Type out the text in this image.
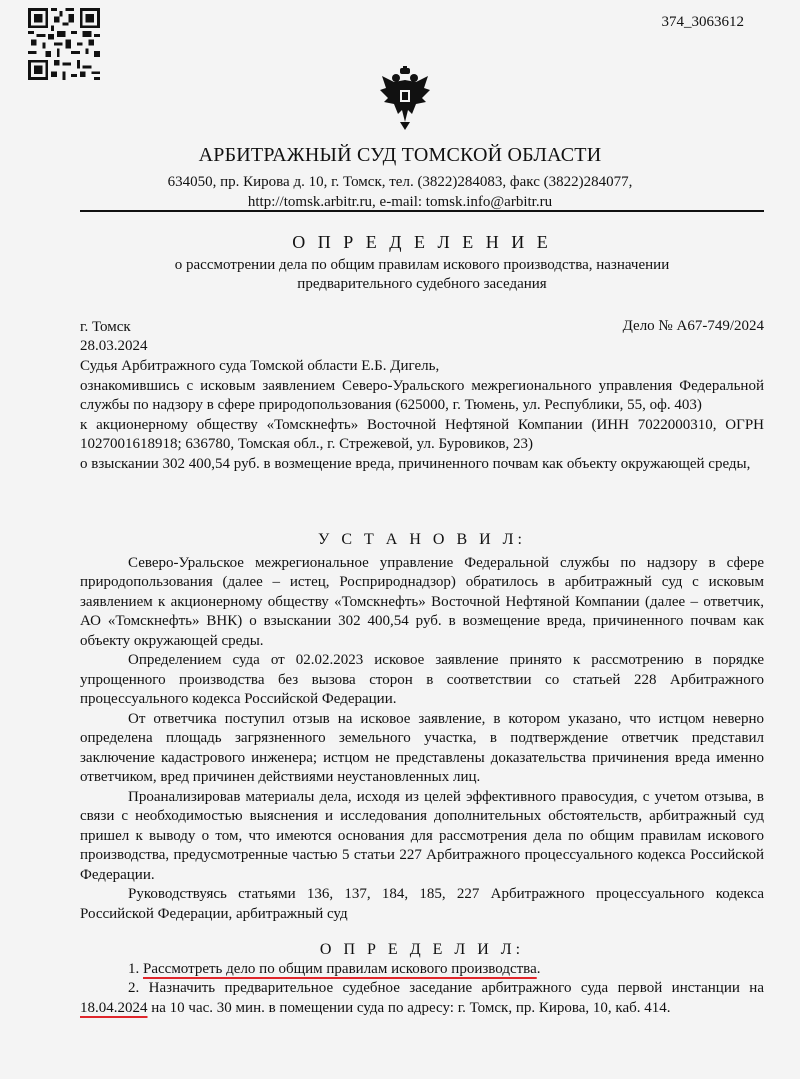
374_3063612
АРБИТРАЖНЫЙ СУД ТОМСКОЙ ОБЛАСТИ
634050, пр. Кирова д. 10, г. Томск, тел. (3822)284083, факс (3822)284077,
http://tomsk.arbitr.ru, e-mail: tomsk.info@arbitr.ru
О П Р Е Д Е Л Е Н И Е
о рассмотрении дела по общим правилам искового производства, назначении
предварительного судебного заседания
г. Томск
28.03.2024
Дело № А67-749/2024

Судья Арбитражного суда Томской области Е.Б. Дигель,

ознакомившись с исковым заявлением Северо-Уральского межрегионального управления Федеральной службы по надзору в сфере природопользования (625000, г. Тюмень, ул. Республики, 55, оф. 403)

к акционерному обществу «Томскнефть» Восточной Нефтяной Компании (ИНН 7022000310, ОГРН 1027001618918; 636780, Томская обл., г. Стрежевой, ул. Буровиков, 23)

о взыскании 302 400,54 руб. в возмещение вреда, причиненного почвам как объекту окружающей среды,

У С Т А Н О В И Л:

Северо-Уральское межрегиональное управление Федеральной службы по надзору в сфере природопользования (далее – истец, Росприроднадзор) обратилось в арбитражный суд с исковым заявлением к акционерному обществу «Томскнефть» Восточной Нефтяной Компании (далее – ответчик, АО «Томскнефть» ВНК) о взыскании 302 400,54 руб. в возмещение вреда, причиненного почвам как объекту окружающей среды.

Определением суда от 02.02.2023 исковое заявление принято к рассмотрению в порядке упрощенного производства без вызова сторон в соответствии со статьей 228 Арбитражного процессуального кодекса Российской Федерации.

От ответчика поступил отзыв на исковое заявление, в котором указано, что истцом неверно определена площадь загрязненного земельного участка, в подтверждение ответчик представил заключение кадастрового инженера; истцом не представлены доказательства причинения вреда именно ответчиком, вред причинен действиями неустановленных лиц.

Проанализировав материалы дела, исходя из целей эффективного правосудия, с учетом отзыва, в связи с необходимостью выяснения и исследования дополнительных обстоятельств, арбитражный суд пришел к выводу о том, что имеются основания для рассмотрения дела по общим правилам искового производства, предусмотренные частью 5 статьи 227 Арбитражного процессуального кодекса Российской Федерации.

Руководствуясь статьями 136, 137, 184, 185, 227 Арбитражного процессуального кодекса Российской Федерации, арбитражный суд

О П Р Е Д Е Л И Л:

1. Рассмотреть дело по общим правилам искового производства.

2. Назначить предварительное судебное заседание арбитражного суда первой инстанции на 18.04.2024 на 10 час. 30 мин. в помещении суда по адресу: г. Томск, пр. Кирова, 10, каб. 414.
